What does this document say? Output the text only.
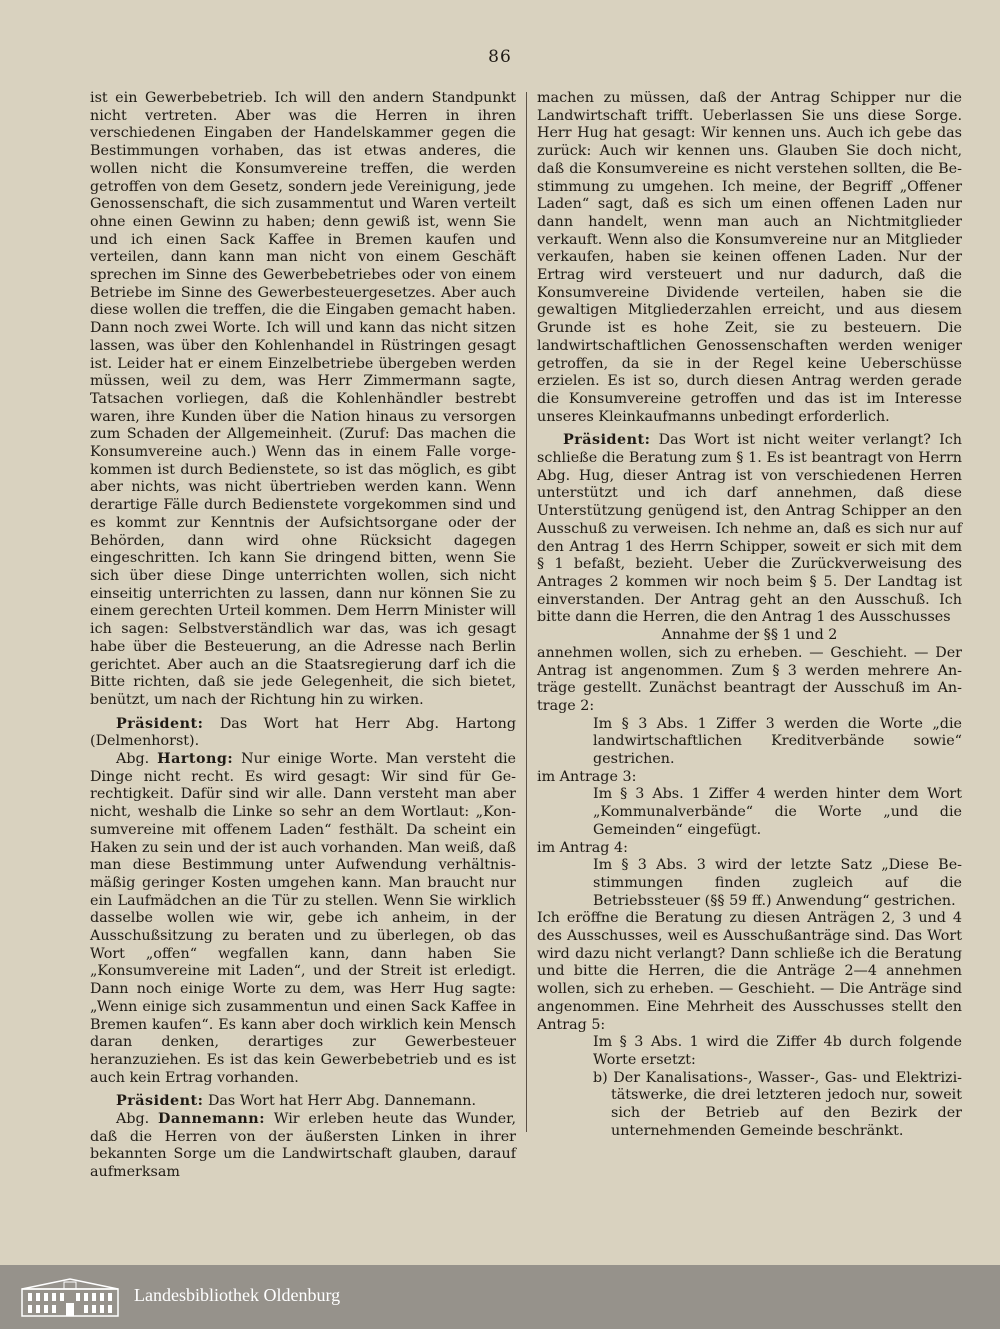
86

ist ein Gewerbebetrieb. Ich will den andern Standpunkt nicht vertreten. Aber was die Herren in ihren verschiedenen Eingaben der Handelskammer gegen die Bestimmungen vorhaben, das ist etwas anderes, die wollen nicht die Konsumvereine treffen, die werden getroffen von dem Gesetz, sondern jede Vereinigung, jede Genossenschaft, die sich zusammentut und Waren verteilt ohne einen Gewinn zu haben; denn gewiß ist, wenn Sie und ich einen Sack Kaffee in Bremen kaufen und verteilen, dann kann man nicht von einem Geschäft sprechen im Sinne des Gewerbebetriebes oder von einem Betriebe im Sinne des Gewerbesteuergesetzes. Aber auch diese wollen die treffen, die die Eingaben gemacht haben. Dann noch zwei Worte. Ich will und kann das nicht sitzen lassen, was über den Kohlenhandel in Rüstringen gesagt ist. Leider hat er einem Einzelbetriebe übergeben werden müssen, weil zu dem, was Herr Zimmermann sagte, Tatsachen vorliegen, daß die Kohlenhändler bestrebt waren, ihre Kunden über die Nation hinaus zu versorgen zum Schaden der Allgemeinheit. (Zuruf: Das machen die Konsumvereine auch.) Wenn das in einem Falle vorgekommen ist durch Bedienstete, so ist das möglich, es gibt aber nichts, was nicht übertrieben werden kann. Wenn derartige Fälle durch Bedienstete vorgekommen sind und es kommt zur Kenntnis der Aufsichtsorgane oder der Behörden, dann wird ohne Rücksicht dagegen eingeschritten. Ich kann Sie dringend bitten, wenn Sie sich über diese Dinge unterrichten wollen, sich nicht einseitig unterrichten zu lassen, dann nur können Sie zu einem gerechten Urteil kommen. Dem Herrn Minister will ich sagen: Selbstverständlich war das, was ich gesagt habe über die Besteuerung, an die Adresse nach Berlin gerichtet. Aber auch an die Staatsregierung darf ich die Bitte richten, daß sie jede Gelegenheit, die sich bietet, benützt, um nach der Richtung hin zu wirken.

Präsident: Das Wort hat Herr Abg. Hartong (Delmenhorst).

Abg. Hartong: Nur einige Worte. Man versteht die Dinge nicht recht. Es wird gesagt: Wir sind für Gerechtigkeit. Dafür sind wir alle. Dann versteht man aber nicht, weshalb die Linke so sehr an dem Wortlaut: „Konsumvereine mit offenem Laden“ festhält. Da scheint ein Haken zu sein und der ist auch vorhanden. Man weiß, daß man diese Bestimmung unter Aufwendung verhältnismäßig geringer Kosten umgehen kann. Man braucht nur ein Laufmädchen an die Tür zu stellen. Wenn Sie wirklich dasselbe wollen wie wir, gebe ich anheim, in der Ausschußsitzung zu beraten und zu überlegen, ob das Wort „offen“ wegfallen kann, dann haben Sie „Konsumvereine mit Laden“, und der Streit ist erledigt. Dann noch einige Worte zu dem, was Herr Hug sagte: „Wenn einige sich zusammentun und einen Sack Kaffee in Bremen kaufen“. Es kann aber doch wirklich kein Mensch daran denken, derartiges zur Gewerbesteuer heranzuziehen. Es ist das kein Gewerbebetrieb und es ist auch kein Ertrag vorhanden.

Präsident: Das Wort hat Herr Abg. Dannemann.

Abg. Dannemann: Wir erleben heute das Wunder, daß die Herren von der äußersten Linken in ihrer bekannten Sorge um die Landwirtschaft glauben, darauf aufmerksam

machen zu müssen, daß der Antrag Schipper nur die Landwirtschaft trifft. Ueberlassen Sie uns diese Sorge. Herr Hug hat gesagt: Wir kennen uns. Auch ich gebe das zurück: Auch wir kennen uns. Glauben Sie doch nicht, daß die Konsumvereine es nicht verstehen sollten, die Bestimmung zu umgehen. Ich meine, der Begriff „Offener Laden“ sagt, daß es sich um einen offenen Laden nur dann handelt, wenn man auch an Nichtmitglieder verkauft. Wenn also die Konsumvereine nur an Mitglieder verkaufen, haben sie keinen offenen Laden. Nur der Ertrag wird versteuert und nur dadurch, daß die Konsumvereine Dividende verteilen, haben sie die gewaltigen Mitgliederzahlen erreicht, und aus diesem Grunde ist es hohe Zeit, sie zu besteuern. Die landwirtschaftlichen Genossenschaften werden weniger getroffen, da sie in der Regel keine Ueberschüsse erzielen. Es ist so, durch diesen Antrag werden gerade die Konsumvereine getroffen und das ist im Interesse unseres Kleinkaufmanns unbedingt erforderlich.

Präsident: Das Wort ist nicht weiter verlangt? Ich schließe die Beratung zum § 1. Es ist beantragt von Herrn Abg. Hug, dieser Antrag ist von verschiedenen Herren unterstützt und ich darf annehmen, daß diese Unterstützung genügend ist, den Antrag Schipper an den Ausschuß zu verweisen. Ich nehme an, daß es sich nur auf den Antrag 1 des Herrn Schipper, soweit er sich mit dem § 1 befaßt, bezieht. Ueber die Zurückverweisung des Antrages 2 kommen wir noch beim § 5. Der Landtag ist einverstanden. Der Antrag geht an den Ausschuß. Ich bitte dann die Herren, die den Antrag 1 des Ausschusses

Annahme der §§ 1 und 2

annehmen wollen, sich zu erheben. — Geschieht. — Der Antrag ist angenommen. Zum § 3 werden mehrere Anträge gestellt. Zunächst beantragt der Ausschuß im Antrage 2:

Im § 3 Abs. 1 Ziffer 3 werden die Worte „die landwirtschaftlichen Kreditverbände sowie“ gestrichen.

im Antrage 3:

Im § 3 Abs. 1 Ziffer 4 werden hinter dem Wort „Kommunalverbände“ die Worte „und die Gemeinden“ eingefügt.

im Antrag 4:

Im § 3 Abs. 3 wird der letzte Satz „Diese Bestimmungen finden zugleich auf die Betriebssteuer (§§ 59 ff.) Anwendung“ gestrichen.

Ich eröffne die Beratung zu diesen Anträgen 2, 3 und 4 des Ausschusses, weil es Ausschußanträge sind. Das Wort wird dazu nicht verlangt? Dann schließe ich die Beratung und bitte die Herren, die die Anträge 2—4 annehmen wollen, sich zu erheben. — Geschieht. — Die Anträge sind angenommen. Eine Mehrheit des Ausschusses stellt den Antrag 5:

Im § 3 Abs. 1 wird die Ziffer 4b durch folgende Worte ersetzt:

b) Der Kanalisations-, Wasser-, Gas- und Elektrizitätswerke, die drei letzteren jedoch nur, soweit sich der Betrieb auf den Bezirk der unternehmenden Gemeinde beschränkt.

Landesbibliothek Oldenburg
